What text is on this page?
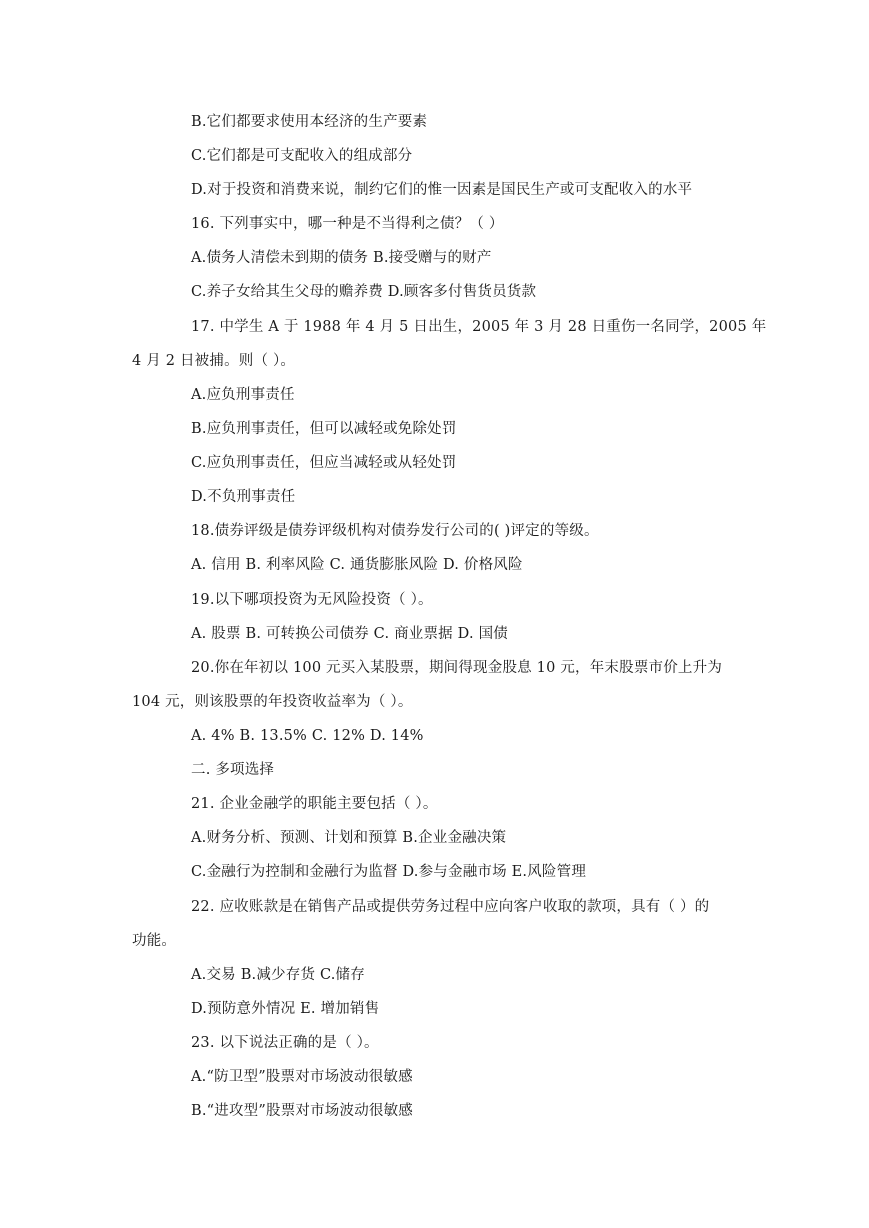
B.它们都要求使用本经济的生产要素
C.它们都是可支配收入的组成部分
D.对于投资和消费来说，制约它们的惟一因素是国民生产或可支配收入的水平
16. 下列事实中，哪一种是不当得利之债？（ ）
A.债务人清偿未到期的债务 B.接受赠与的财产
C.养子女给其生父母的赡养费 D.顾客多付售货员货款
17. 中学生 A 于 1988 年 4 月 5 日出生，2005 年 3 月 28 日重伤一名同学，2005 年
4 月 2 日被捕。则（ ）。
A.应负刑事责任
B.应负刑事责任，但可以减轻或免除处罚
C.应负刑事责任，但应当减轻或从轻处罚
D.不负刑事责任
18.债券评级是债券评级机构对债券发行公司的( )评定的等级。
A. 信用 B. 利率风险 C. 通货膨胀风险 D. 价格风险
19.以下哪项投资为无风险投资（ ）。
A. 股票 B. 可转换公司债券 C. 商业票据 D. 国债
20.你在年初以 100 元买入某股票，期间得现金股息 10 元，年末股票市价上升为
104 元，则该股票的年投资收益率为（ ）。
A. 4% B. 13.5% C. 12% D. 14%
二. 多项选择
21. 企业金融学的职能主要包括（ ）。
A.财务分析、预测、计划和预算 B.企业金融决策
C.金融行为控制和金融行为监督 D.参与金融市场 E.风险管理
22. 应收账款是在销售产品或提供劳务过程中应向客户收取的款项，具有（ ）的
功能。
A.交易 B.减少存货 C.储存
D.预防意外情况 E. 增加销售
23. 以下说法正确的是（ ）。
A.“防卫型”股票对市场波动很敏感
B.“进攻型”股票对市场波动很敏感
